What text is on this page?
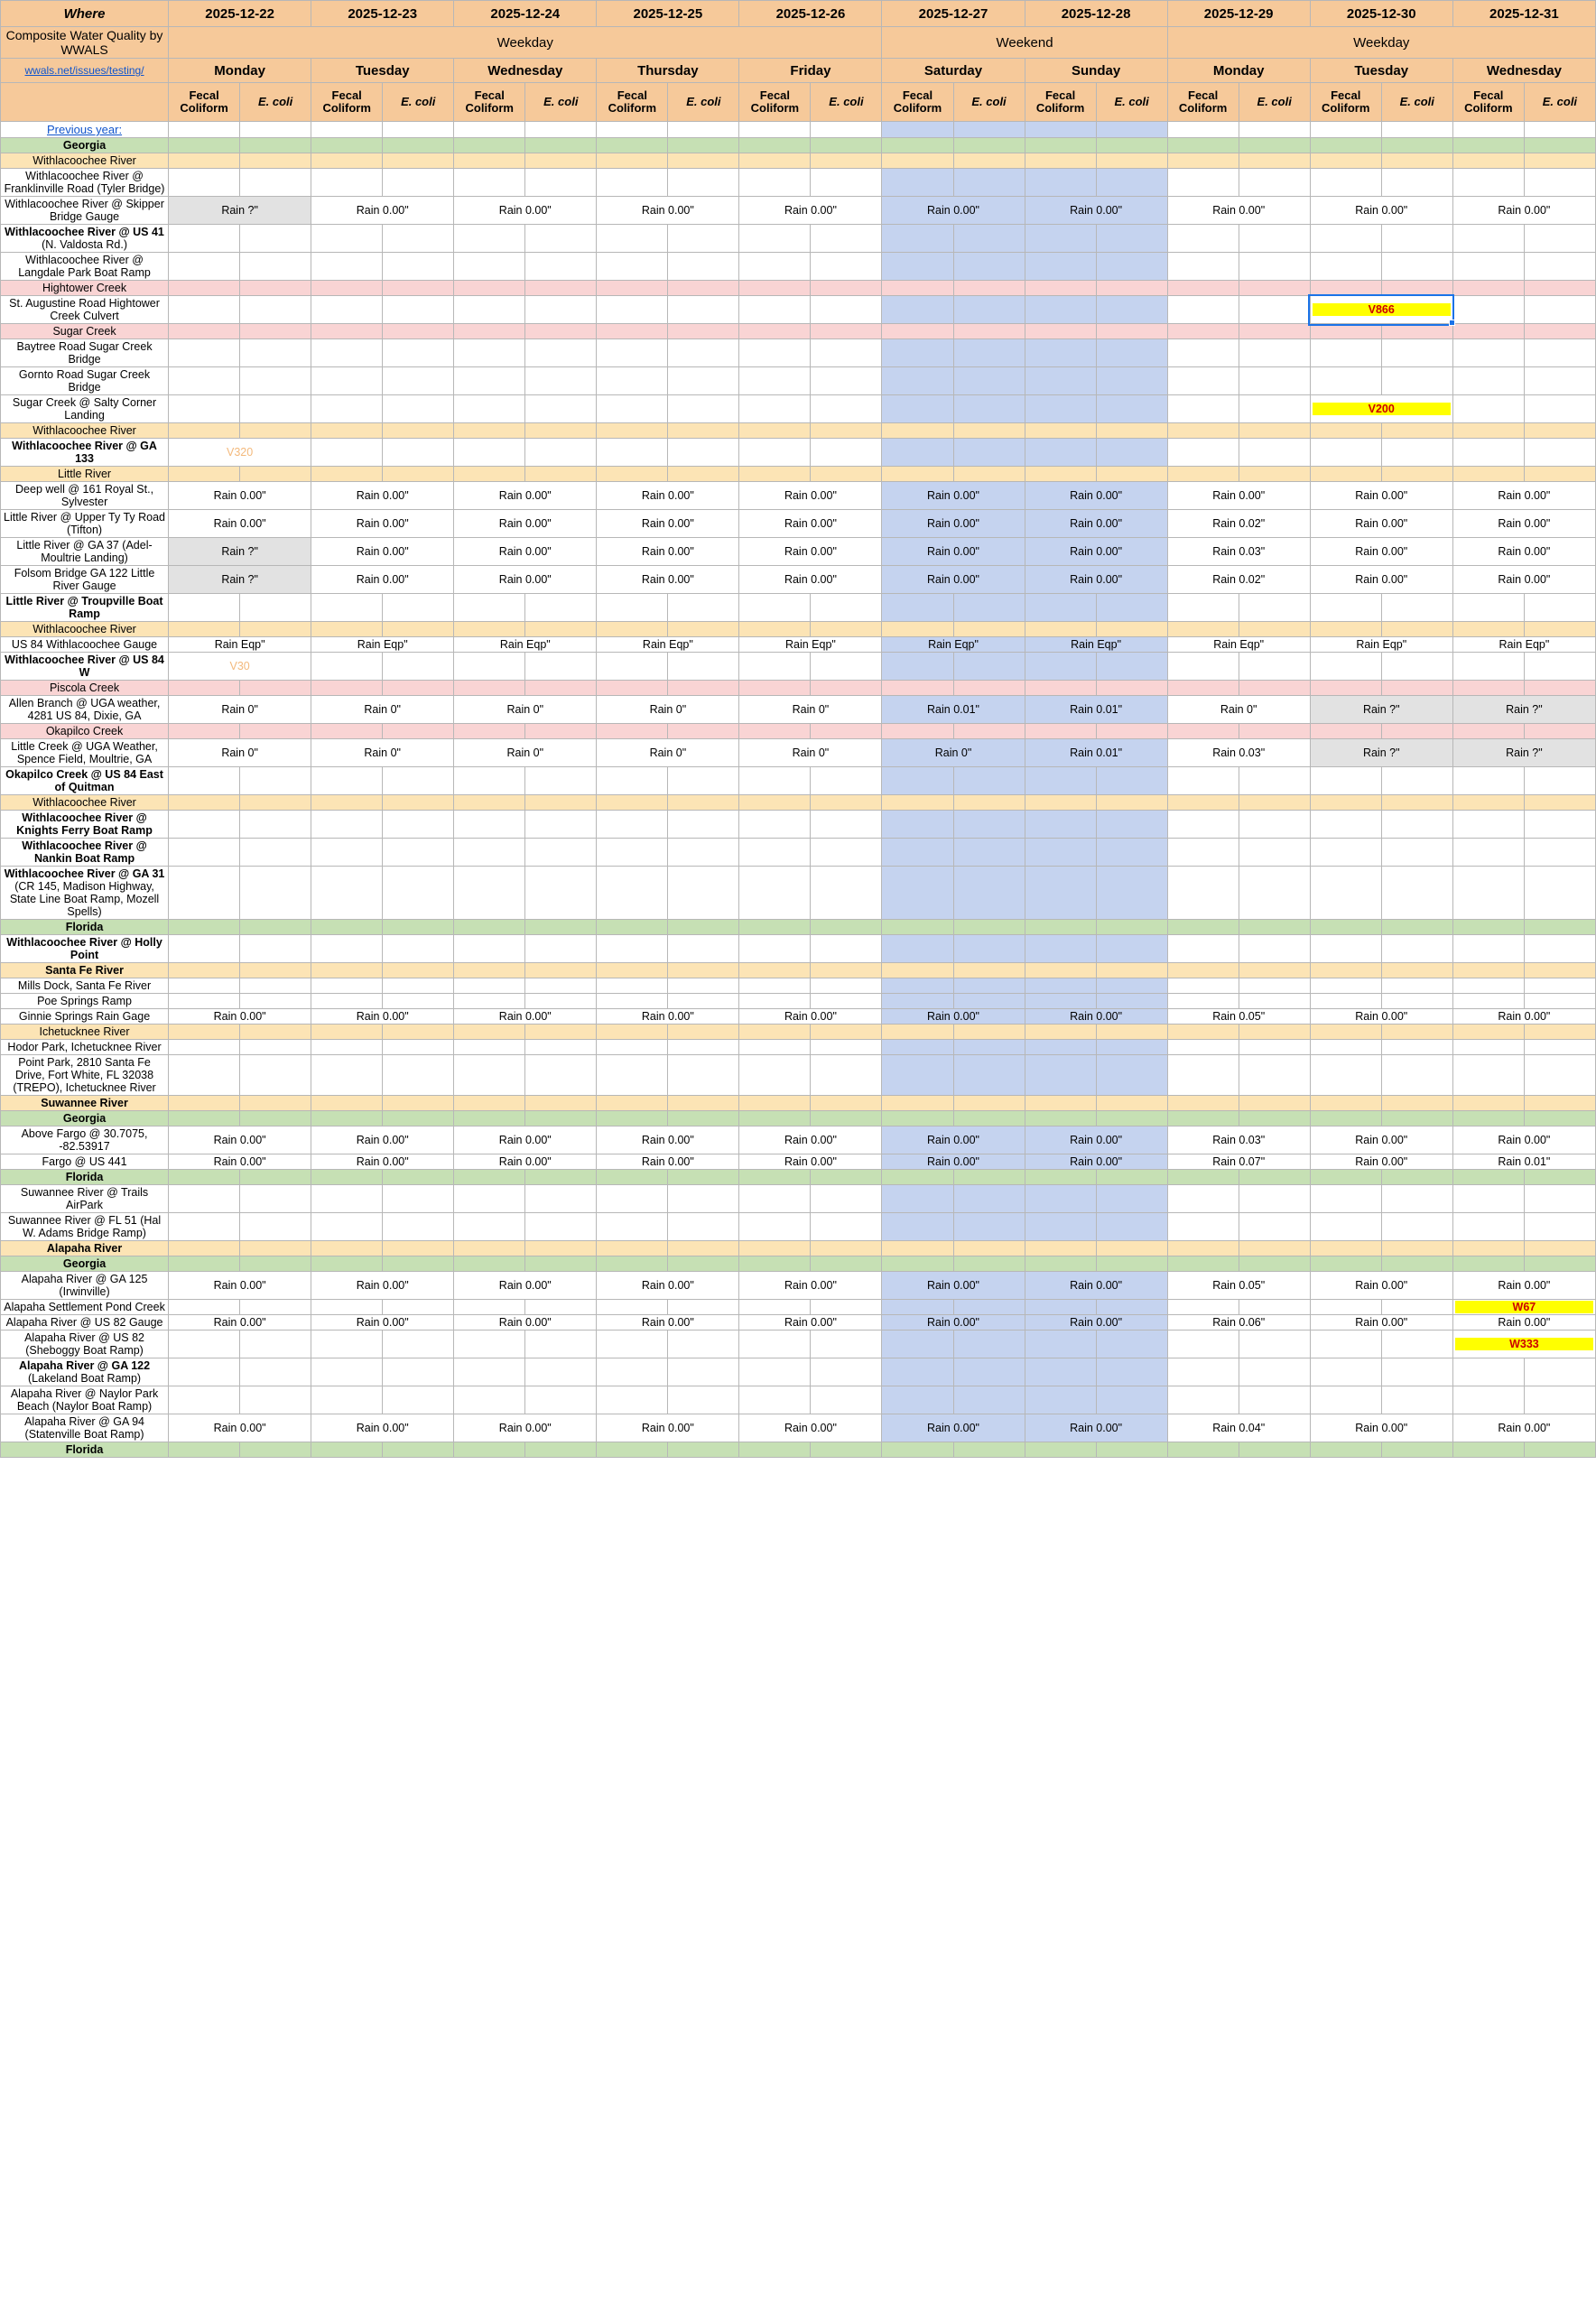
Where	2025-12-22		2025-12-23		2025-12-24		2025-12-25		2025-12-26		2025-12-27		2025-12-28		2025-12-29		2025-12-30		2025-12-31	
Composite Water Quality by WWALS	Weekday										Weekend				Weekday					
wwals.net/issues/testing/	Monday		Tuesday		Wednesday		Thursday		Friday		Saturday		Sunday		Monday		Tuesday		Wednesday	
	Fecal Coliform	E. coli	Fecal Coliform	E. coli	Fecal Coliform	E. coli	Fecal Coliform	E. coli	Fecal Coliform	E. coli	Fecal Coliform	E. coli	Fecal Coliform	E. coli	Fecal Coliform	E. coli	Fecal Coliform	E. coli	Fecal Coliform	E. coli
Previous year:																				
Georgia																				
Withlacoochee River																				
Withlacoochee River @ Franklinville Road (Tyler Bridge)																				
Withlacoochee River @ Skipper Bridge Gauge	Rain ?"		Rain 0.00"		Rain 0.00"		Rain 0.00"		Rain 0.00"		Rain 0.00"		Rain 0.00"		Rain 0.00"		Rain 0.00"		Rain 0.00"	
Withlacoochee River @ US 41 (N. Valdosta Rd.)																				
Withlacoochee River @ Langdale Park Boat Ramp																				
Hightower Creek																				
St. Augustine Road Hightower Creek Culvert																	V866			

Sugar Creek																				
Baytree Road Sugar Creek Bridge																				
Gornto Road Sugar Creek Bridge																				
Sugar Creek @ Salty Corner Landing																	V200			

Withlacoochee River																				
Withlacoochee River @ GA 133	V320																			

Little River																				
Deep well @ 161 Royal St., Sylvester	Rain 0.00"		Rain 0.00"		Rain 0.00"		Rain 0.00"		Rain 0.00"		Rain 0.00"		Rain 0.00"		Rain 0.00"		Rain 0.00"		Rain 0.00"	
Little River @ Upper Ty Ty Road (Tifton)	Rain 0.00"		Rain 0.00"		Rain 0.00"		Rain 0.00"		Rain 0.00"		Rain 0.00"		Rain 0.00"		Rain 0.02"		Rain 0.00"		Rain 0.00"	
Little River @ GA 37 (Adel-Moultrie Landing)	Rain ?"		Rain 0.00"		Rain 0.00"		Rain 0.00"		Rain 0.00"		Rain 0.00"		Rain 0.00"		Rain 0.03"		Rain 0.00"		Rain 0.00"	
Folsom Bridge GA 122 Little River Gauge	Rain ?"		Rain 0.00"		Rain 0.00"		Rain 0.00"		Rain 0.00"		Rain 0.00"		Rain 0.00"		Rain 0.02"		Rain 0.00"		Rain 0.00"	
Little River @ Troupville Boat Ramp																				
Withlacoochee River																				
US 84 Withlacoochee Gauge	Rain Eqp"		Rain Eqp"		Rain Eqp"		Rain Eqp"		Rain Eqp"		Rain Eqp"		Rain Eqp"		Rain Eqp"		Rain Eqp"		Rain Eqp"	
Withlacoochee River @ US 84 W	V30																			

Piscola Creek																				
Allen Branch @ UGA weather, 4281 US 84, Dixie, GA	Rain 0"		Rain 0"		Rain 0"		Rain 0"		Rain 0"		Rain 0.01"		Rain 0.01"		Rain 0"		Rain ?"		Rain ?"	
Okapilco Creek																				
Little Creek @ UGA Weather, Spence Field, Moultrie, GA	Rain 0"		Rain 0"		Rain 0"		Rain 0"		Rain 0"		Rain 0"		Rain 0.01"		Rain 0.03"		Rain ?"		Rain ?"	
Okapilco Creek @ US 84 East of Quitman																				
Withlacoochee River																				
Withlacoochee River @ Knights Ferry Boat Ramp																				
Withlacoochee River @ Nankin Boat Ramp																				
Withlacoochee River @ GA 31 (CR 145, Madison Highway, State Line Boat Ramp, Mozell Spells)																				
Florida																				
Withlacoochee River @ Holly Point																				
Santa Fe River																				
Mills Dock, Santa Fe River																				
Poe Springs Ramp																				
Ginnie Springs Rain Gage	Rain 0.00"		Rain 0.00"		Rain 0.00"		Rain 0.00"		Rain 0.00"		Rain 0.00"		Rain 0.00"		Rain 0.05"		Rain 0.00"		Rain 0.00"	
Ichetucknee River																				
Hodor Park, Ichetucknee River																				
Point Park, 2810 Santa Fe Drive, Fort White, FL 32038 (TREPO), Ichetucknee River																				
Suwannee River																				
Georgia																				
Above Fargo @ 30.7075, -82.53917	Rain 0.00"		Rain 0.00"		Rain 0.00"		Rain 0.00"		Rain 0.00"		Rain 0.00"		Rain 0.00"		Rain 0.03"		Rain 0.00"		Rain 0.00"	
Fargo @ US 441	Rain 0.00"		Rain 0.00"		Rain 0.00"		Rain 0.00"		Rain 0.00"		Rain 0.00"		Rain 0.00"		Rain 0.07"		Rain 0.00"		Rain 0.01"	
Florida																				
Suwannee River @ Trails AirPark																				
Suwannee River @ FL 51 (Hal W. Adams Bridge Ramp)																				
Alapaha River																				
Georgia																				
Alapaha River @ GA 125 (Irwinville)	Rain 0.00"		Rain 0.00"		Rain 0.00"		Rain 0.00"		Rain 0.00"		Rain 0.00"		Rain 0.00"		Rain 0.05"		Rain 0.00"		Rain 0.00"	
Alapaha Settlement Pond Creek																			W67	

Alapaha River @ US 82 Gauge	Rain 0.00"		Rain 0.00"		Rain 0.00"		Rain 0.00"		Rain 0.00"		Rain 0.00"		Rain 0.00"		Rain 0.06"		Rain 0.00"		Rain 0.00"	
Alapaha River @ US 82 (Sheboggy Boat Ramp)																			W333	

Alapaha River @ GA 122 (Lakeland Boat Ramp)																				
Alapaha River @ Naylor Park Beach (Naylor Boat Ramp)																				
Alapaha River @ GA 94 (Statenville Boat Ramp)	Rain 0.00"		Rain 0.00"		Rain 0.00"		Rain 0.00"		Rain 0.00"		Rain 0.00"		Rain 0.00"		Rain 0.04"		Rain 0.00"		Rain 0.00"	
Florida																				
